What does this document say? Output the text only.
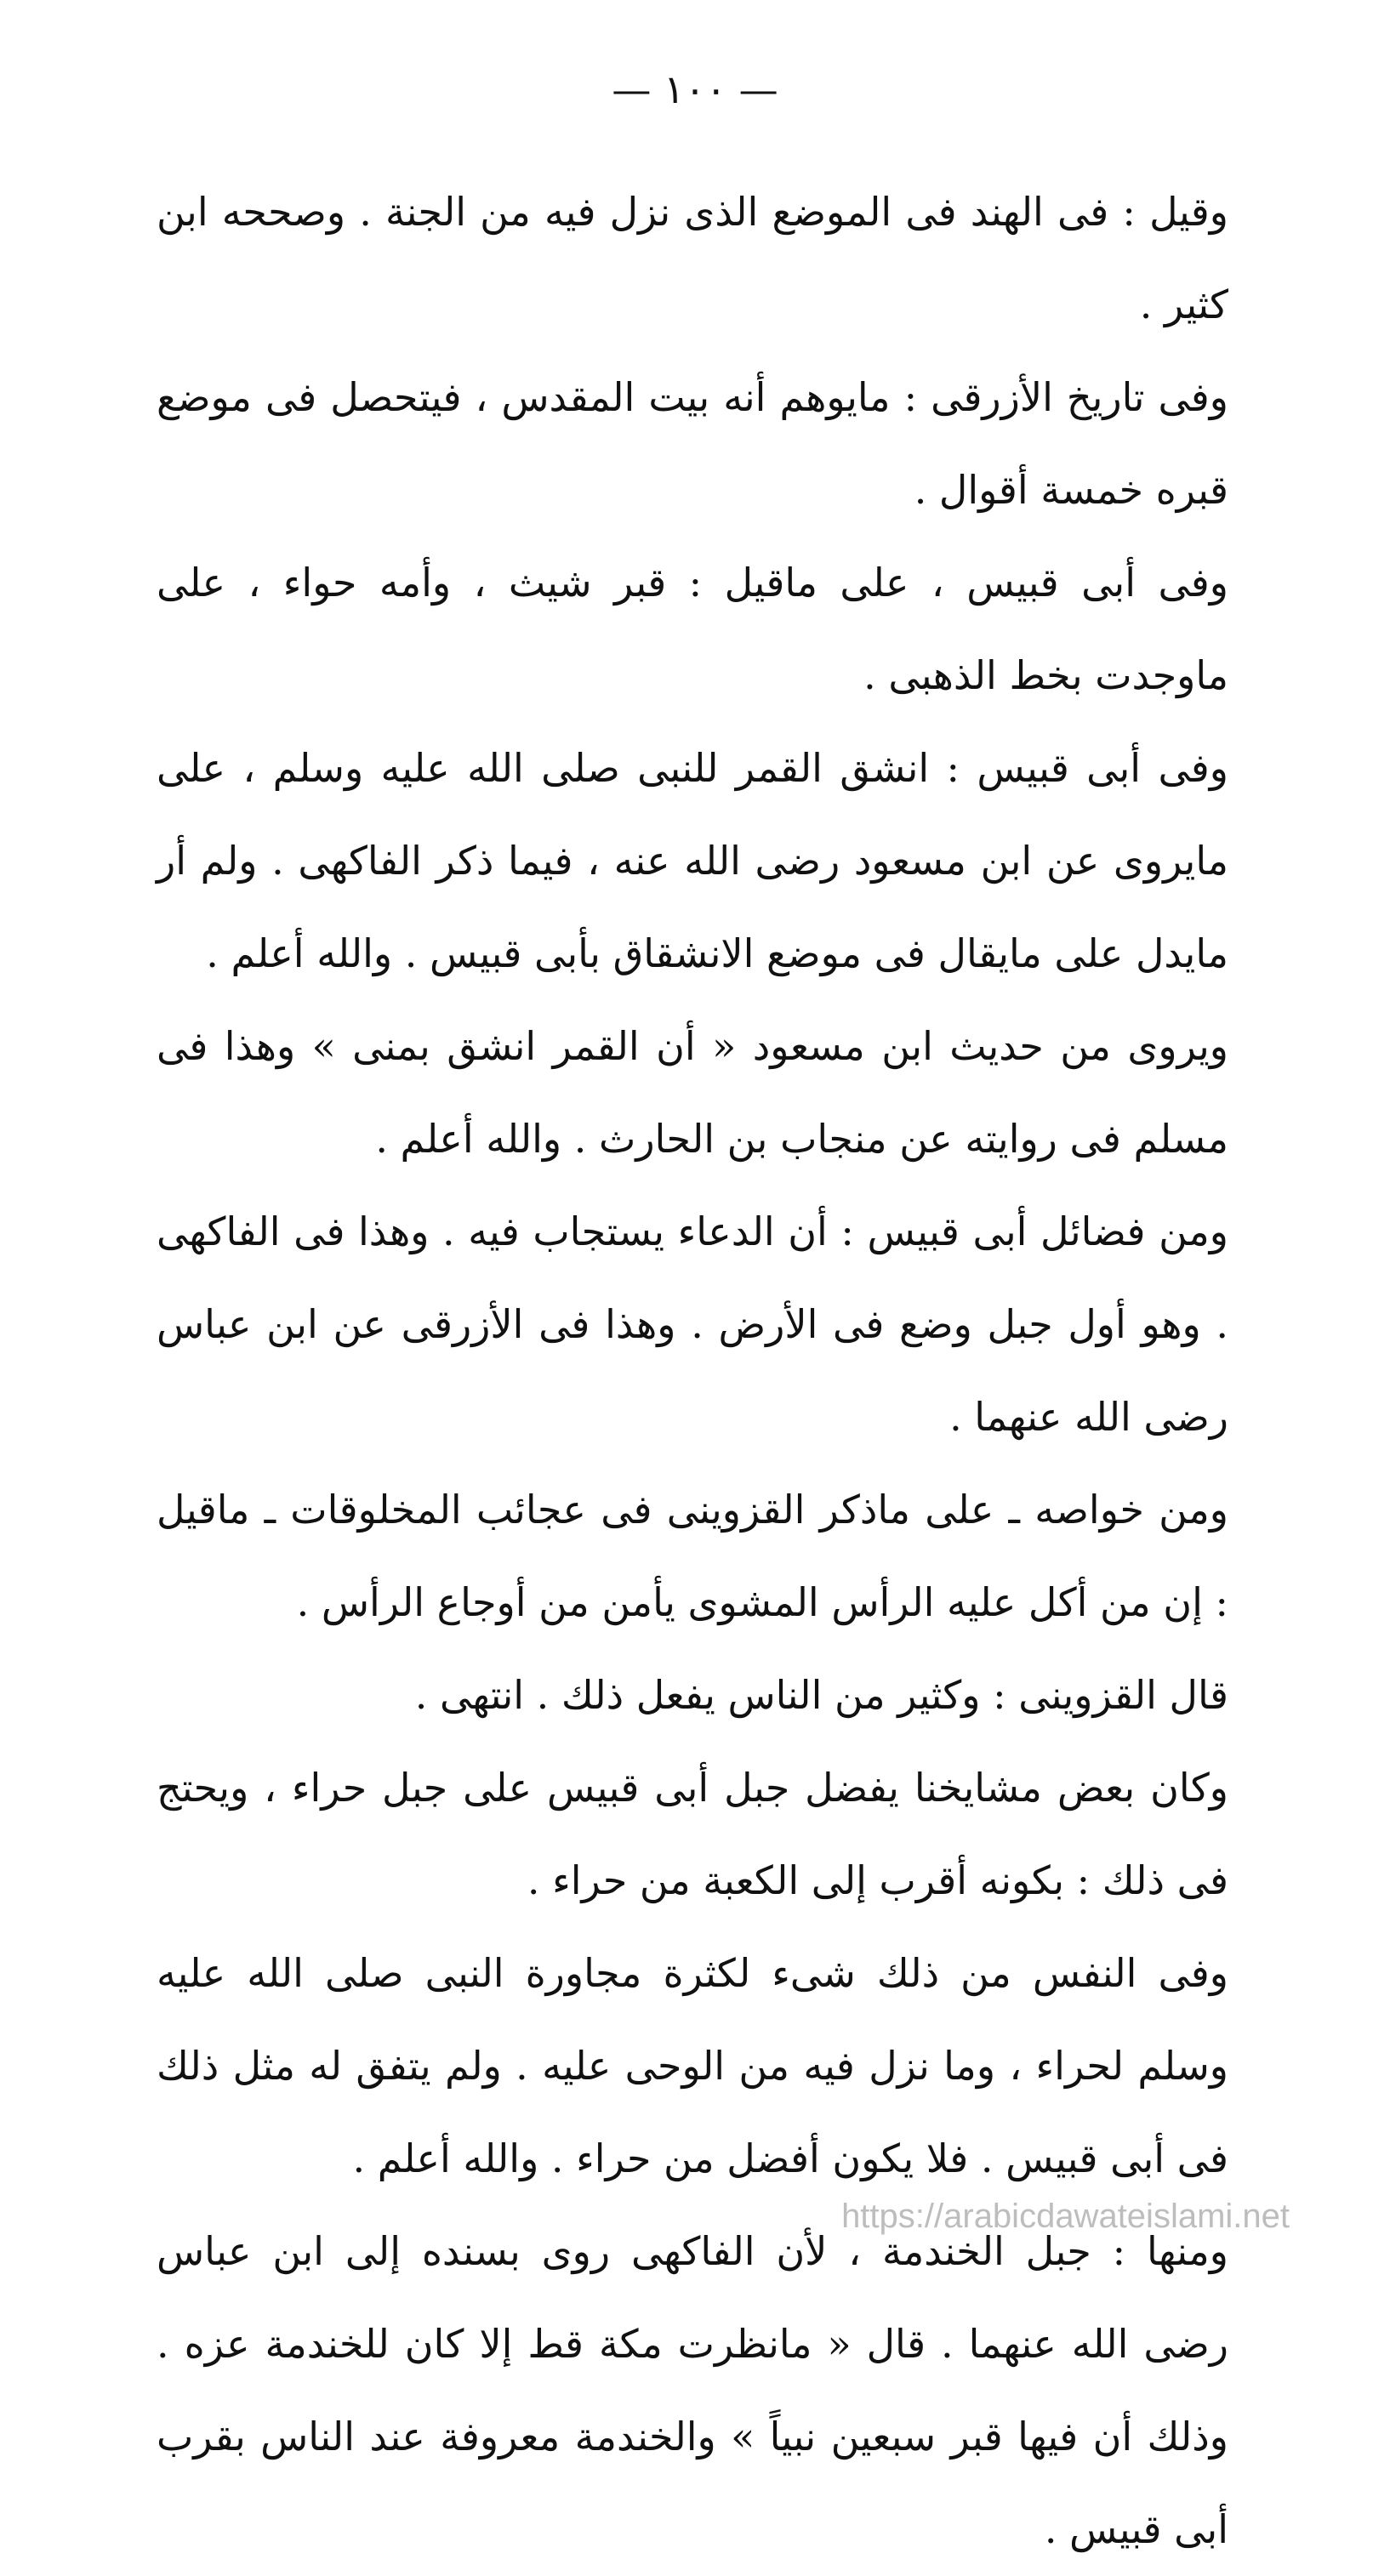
— ١٠٠ —

وقيل : فى الهند فى الموضع الذى نزل فيه من الجنة . وصححه ابن كثير .

وفى تاريخ الأزرقى : مايوهم أنه بيت المقدس ، فيتحصل فى موضع قبره خمسة أقوال .

وفى أبى قبيس ، على ماقيل : قبر شيث ، وأمه حواء ، على ماوجدت بخط الذهبى .

وفى أبى قبيس : انشق القمر للنبى صلى الله عليه وسلم ، على مايروى عن ابن مسعود رضى الله عنه ، فيما ذكر الفاكهى . ولم أر مايدل على مايقال فى موضع الانشقاق بأبى قبيس . والله أعلم .

ويروى من حديث ابن مسعود « أن القمر انشق بمنى » وهذا فى مسلم فى روايته عن منجاب بن الحارث . والله أعلم .

ومن فضائل أبى قبيس : أن الدعاء يستجاب فيه . وهذا فى الفاكهى . وهو أول جبل وضع فى الأرض . وهذا فى الأزرقى عن ابن عباس رضى الله عنهما .

ومن خواصه ـ على ماذكر القزوينى فى عجائب المخلوقات ـ ماقيل : إن من أكل عليه الرأس المشوى يأمن من أوجاع الرأس .

قال القزوينى : وكثير من الناس يفعل ذلك . انتهى .

وكان بعض مشايخنا يفضل جبل أبى قبيس على جبل حراء ، ويحتج فى ذلك : بكونه أقرب إلى الكعبة من حراء .

وفى النفس من ذلك شىء لكثرة مجاورة النبى صلى الله عليه وسلم لحراء ، وما نزل فيه من الوحى عليه . ولم يتفق له مثل ذلك فى أبى قبيس . فلا يكون أفضل من حراء . والله أعلم .

ومنها : جبل الخندمة ، لأن الفاكهى روى بسنده إلى ابن عباس رضى الله عنهما . قال « مانظرت مكة قط إلا كان للخندمة عزه . وذلك أن فيها قبر سبعين نبياً » والخندمة معروفة عند الناس بقرب أبى قبيس .

https://arabicdawateislami.net
